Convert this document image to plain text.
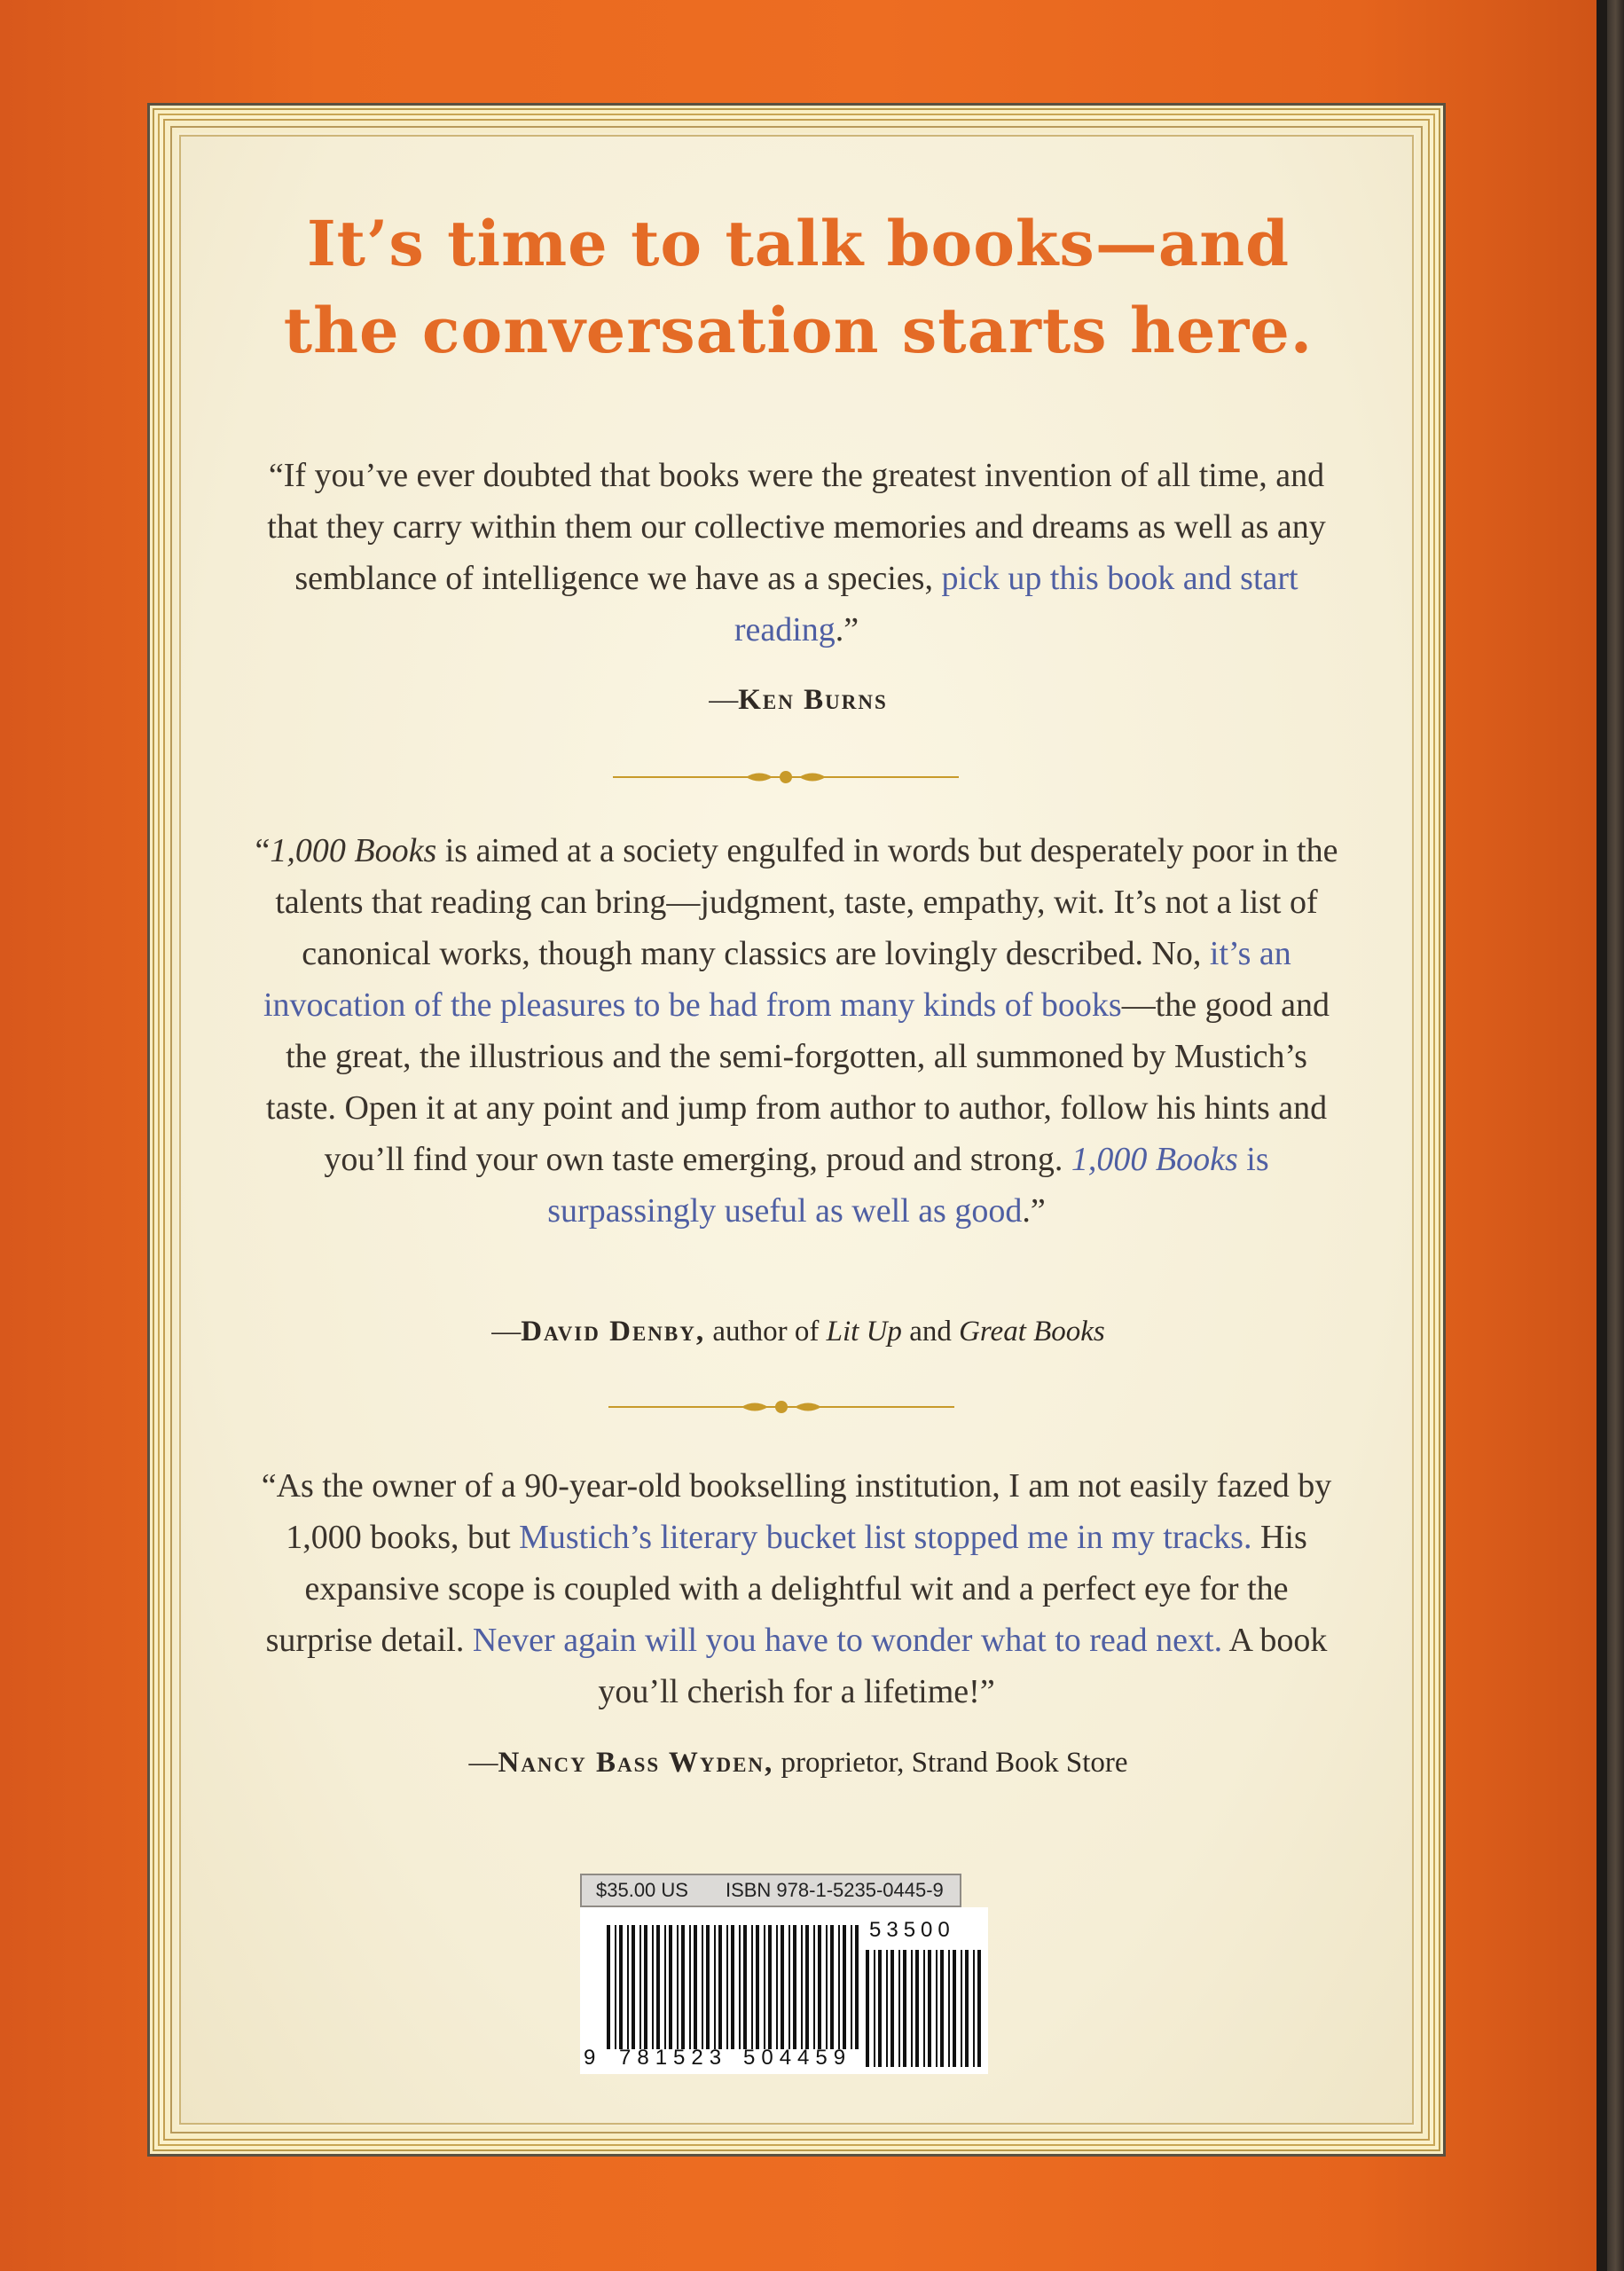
It’s time to talk books—and
the conversation starts here.
“If you’ve ever doubted that books were the greatest invention of all time, and that they carry within them our collective memories and dreams as well as any semblance of intelligence we have as a species, pick up this book and start reading.”
—Ken Burns
“1,000 Books is aimed at a society engulfed in words but desperately poor in the talents that reading can bring—judgment, taste, empathy, wit. It’s not a list of canonical works, though many classics are lovingly described. No, it’s an invocation of the pleasures to be had from many kinds of books—the good and the great, the illustrious and the semi-forgotten, all summoned by Mustich’s taste. Open it at any point and jump from author to author, follow his hints and you’ll find your own taste emerging, proud and strong. 1,000 Books is surpassingly useful as well as good.”
—David Denby, author of Lit Up and Great Books
“As the owner of a 90-year-old bookselling institution, I am not easily fazed by 1,000 books, but Mustich’s literary bucket list stopped me in my tracks. His expansive scope is coupled with a delightful wit and a perfect eye for the surprise detail. Never again will you have to wonder what to read next. A book you’ll cherish for a lifetime!”
—Nancy Bass Wyden, proprietor, Strand Book Store
$35.00 US ISBN 978-1-5235-0445-9
9 781523 504459
53500
